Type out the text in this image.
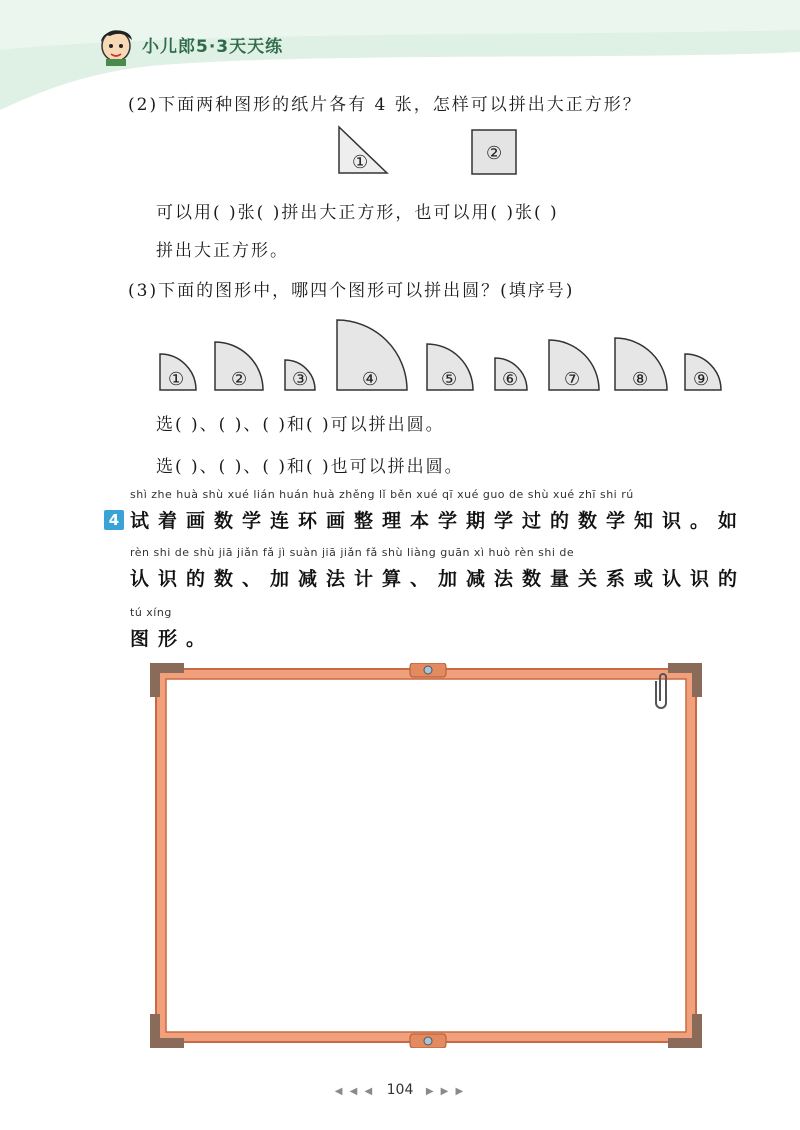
小儿郎5·3天天练
(2)下面两种图形的纸片各有 4 张，怎样可以拼出大正方形？
①	②
可以用( )张( )拼出大正方形，也可以用( )张( )
拼出大正方形。
(3)下面的图形中，哪四个图形可以拼出圆？(填序号)
①	② ③	④	⑤ ⑥	⑦	⑧ ⑨
选( )、( )、( )和( )可以拼出圆。
选( )、( )、( )和( )也可以拼出圆。
shì zhe huà shù xué lián huán huà zhěng lǐ běn xué qī xué guo de shù xué zhī shi rú
4 试着画数学连环画整理本学期学过的数学知识。如
rèn shi de shù jiā jiǎn fǎ jì suàn jiā jiǎn fǎ shù liàng guān xì huò rèn shi de
认识的数、加减法计算、加减法数量关系或认识的
tú xíng
图形。
◀ ◀ ◀ 104 ▶ ▶ ▶
